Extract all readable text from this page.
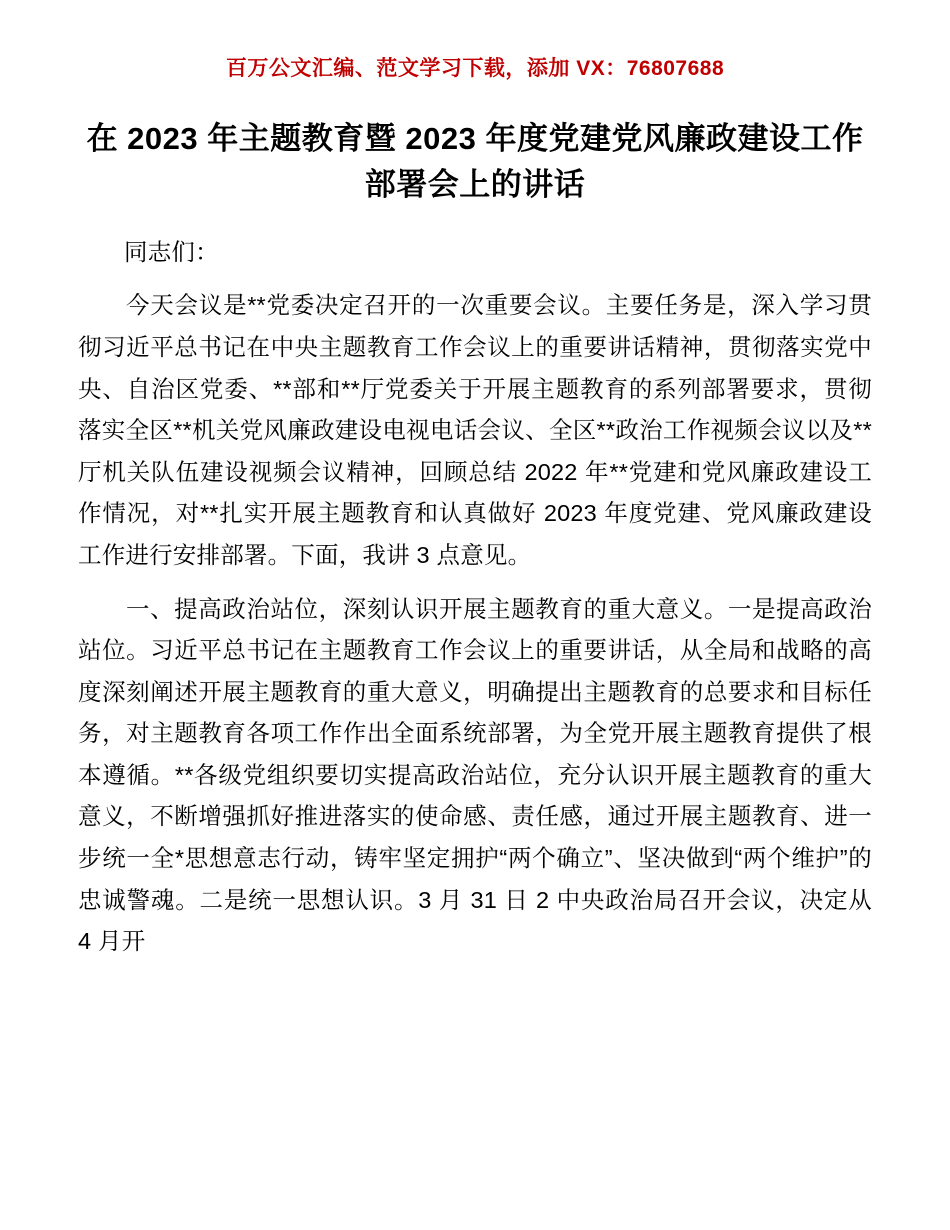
百万公文汇编、范文学习下载，添加 VX：76807688
在 2023 年主题教育暨 2023 年度党建党风廉政建设工作部署会上的讲话

同志们：

今天会议是**党委决定召开的一次重要会议。主要任务是，深入学习贯彻习近平总书记在中央主题教育工作会议上的重要讲话精神，贯彻落实党中央、自治区党委、**部和**厅党委关于开展主题教育的系列部署要求，贯彻落实全区**机关党风廉政建设电视电话会议、全区**政治工作视频会议以及**厅机关队伍建设视频会议精神，回顾总结 2022 年**党建和党风廉政建设工作情况，对**扎实开展主题教育和认真做好 2023 年度党建、党风廉政建设工作进行安排部署。下面，我讲 3 点意见。

一、提高政治站位，深刻认识开展主题教育的重大意义。一是提高政治站位。习近平总书记在主题教育工作会议上的重要讲话，从全局和战略的高度深刻阐述开展主题教育的重大意义，明确提出主题教育的总要求和目标任务，对主题教育各项工作作出全面系统部署，为全党开展主题教育提供了根本遵循。**各级党组织要切实提高政治站位，充分认识开展主题教育的重大意义，不断增强抓好推进落实的使命感、责任感，通过开展主题教育、进一步统一全*思想意志行动，铸牢坚定拥护“两个确立”、坚决做到“两个维护”的忠诚警魂。二是统一思想认识。3 月 31 日 2 中央政治局召开会议，决定从 4 月开
